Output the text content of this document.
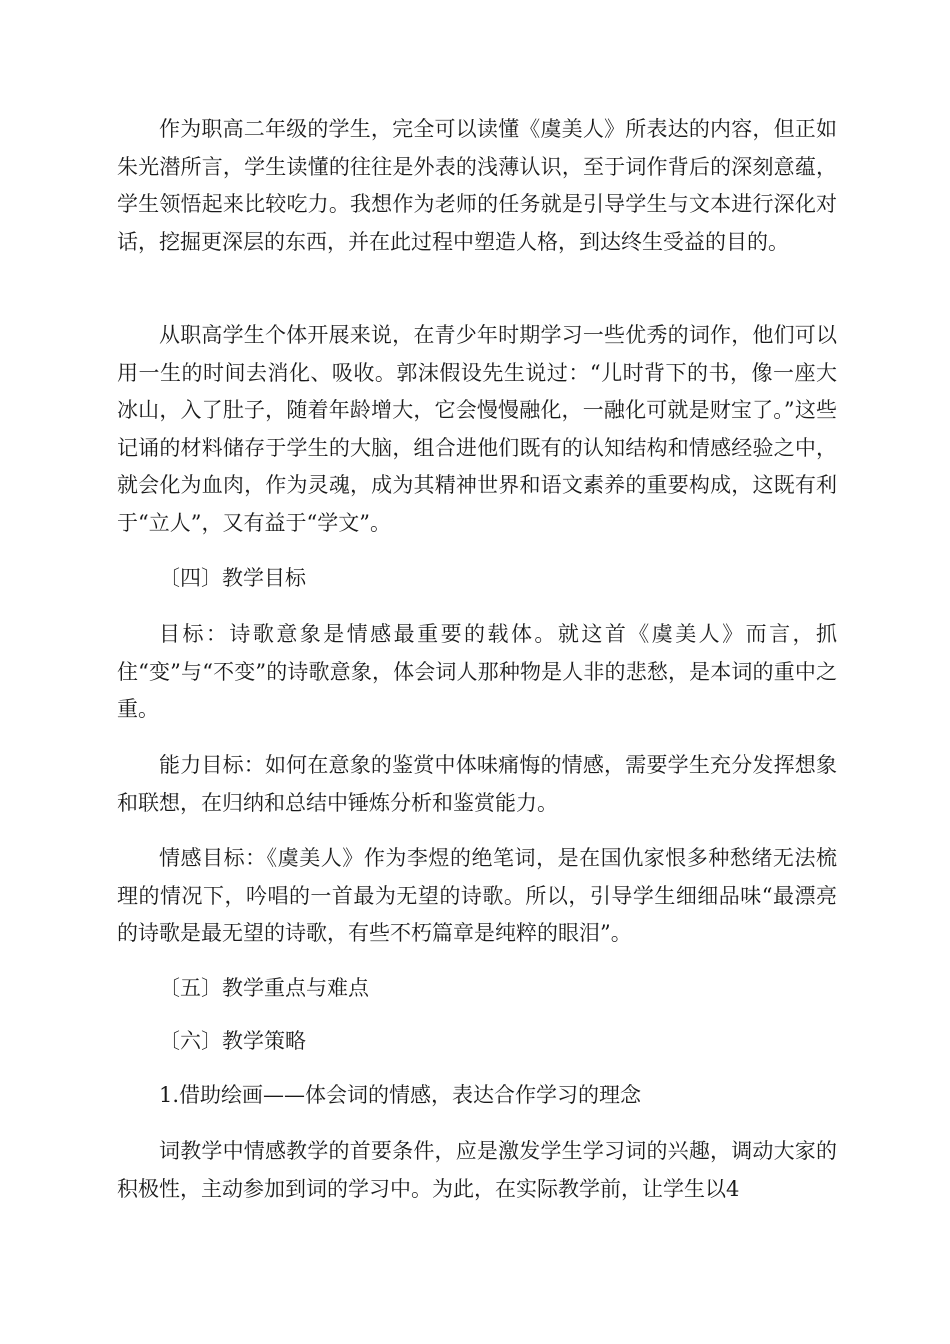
作为职高二年级的学生，完全可以读懂《虞美人》所表达的内容，但正如朱光潜所言，学生读懂的往往是外表的浅薄认识，至于词作背后的深刻意蕴，学生领悟起来比较吃力。我想作为老师的任务就是引导学生与文本进行深化对话，挖掘更深层的东西，并在此过程中塑造人格，到达终生受益的目的。

从职高学生个体开展来说，在青少年时期学习一些优秀的词作，他们可以用一生的时间去消化、吸收。郭沫假设先生说过：“儿时背下的书，像一座大冰山，入了肚子，随着年龄增大，它会慢慢融化，一融化可就是财宝了。”这些记诵的材料储存于学生的大脑，组合进他们既有的认知结构和情感经验之中，就会化为血肉，作为灵魂，成为其精神世界和语文素养的重要构成，这既有利于“立人”，又有益于“学文”。

〔四〕教学目标

目标：诗歌意象是情感最重要的载体。就这首《虞美人》而言，抓住“变”与“不变”的诗歌意象，体会词人那种物是人非的悲愁，是本词的重中之重。

能力目标：如何在意象的鉴赏中体味痛悔的情感，需要学生充分发挥想象和联想，在归纳和总结中锤炼分析和鉴赏能力。

情感目标：《虞美人》作为李煜的绝笔词，是在国仇家恨多种愁绪无法梳理的情况下，吟唱的一首最为无望的诗歌。所以，引导学生细细品味“最漂亮的诗歌是最无望的诗歌，有些不朽篇章是纯粹的眼泪”。

〔五〕教学重点与难点

〔六〕教学策略

1.借助绘画——体会词的情感，表达合作学习的理念

词教学中情感教学的首要条件，应是激发学生学习词的兴趣，调动大家的积极性，主动参加到词的学习中。为此，在实际教学前，让学生以4
